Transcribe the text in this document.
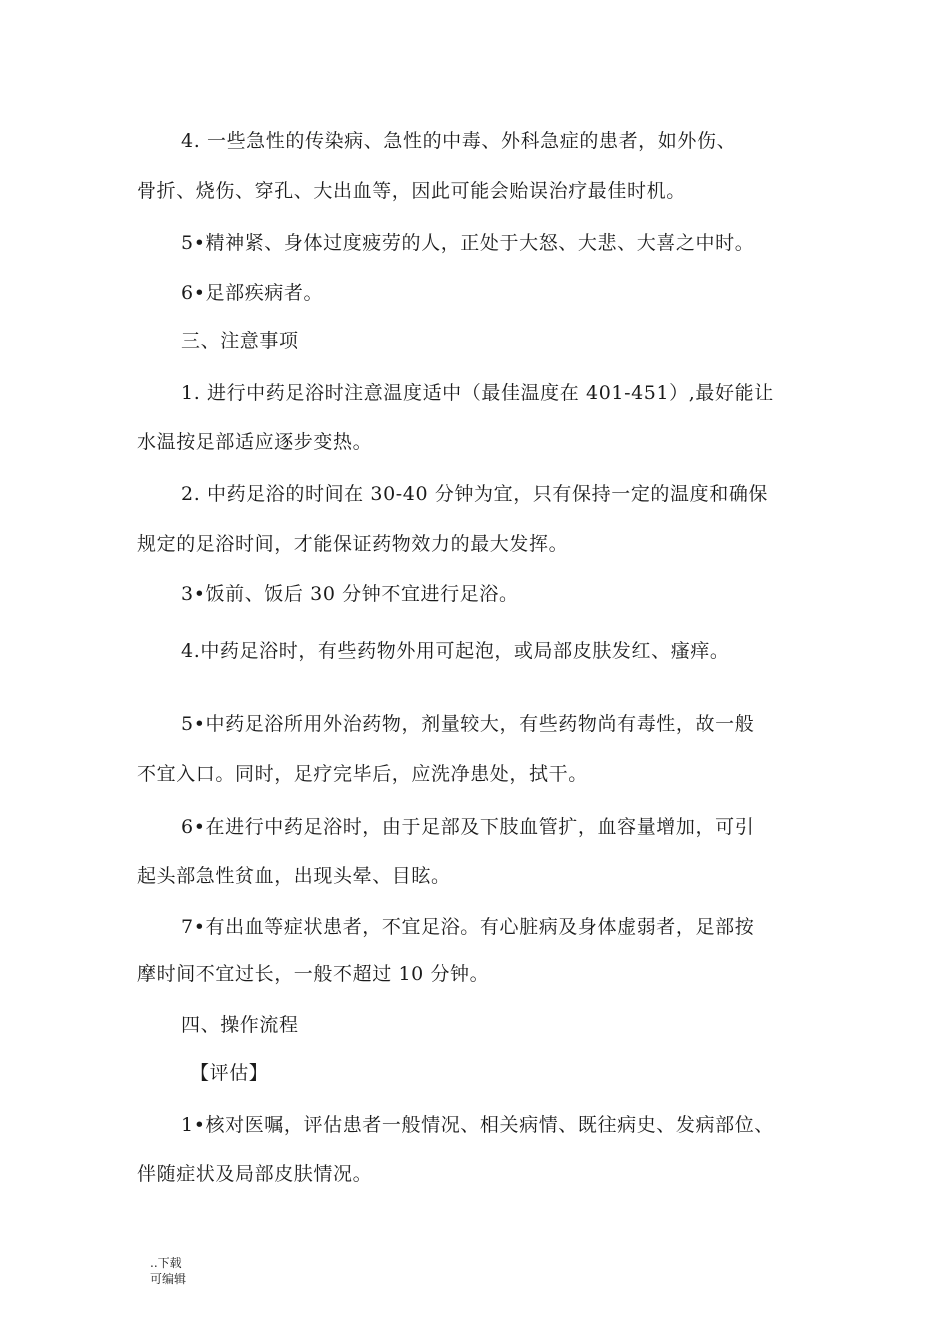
4. 一些急性的传染病、急性的中毒、外科急症的患者，如外伤、
骨折、烧伤、穿孔、大出血等，因此可能会贻误治疗最佳时机。
5•精神紧、身体过度疲劳的人，正处于大怒、大悲、大喜之中时。
6•足部疾病者。
三、注意事项
1. 进行中药足浴时注意温度适中（最佳温度在 401-451）,最好能让
水温按足部适应逐步变热。
2. 中药足浴的时间在 30-40 分钟为宜，只有保持一定的温度和确保
规定的足浴时间，才能保证药物效力的最大发挥。
3•饭前、饭后 30 分钟不宜进行足浴。
4.中药足浴时，有些药物外用可起泡，或局部皮肤发红、瘙痒。
5•中药足浴所用外治药物，剂量较大，有些药物尚有毒性，故一般
不宜入口。同时，足疗完毕后，应洗净患处，拭干。
6•在进行中药足浴时，由于足部及下肢血管扩，血容量增加，可引
起头部急性贫血，出现头晕、目眩。
7•有出血等症状患者，不宜足浴。有心脏病及身体虚弱者，足部按
摩时间不宜过长，一般不超过 10 分钟。
四、操作流程
【评估】
1•核对医嘱，评估患者一般情况、相关病情、既往病史、发病部位、
伴随症状及局部皮肤情况。
..下载
可编辑
